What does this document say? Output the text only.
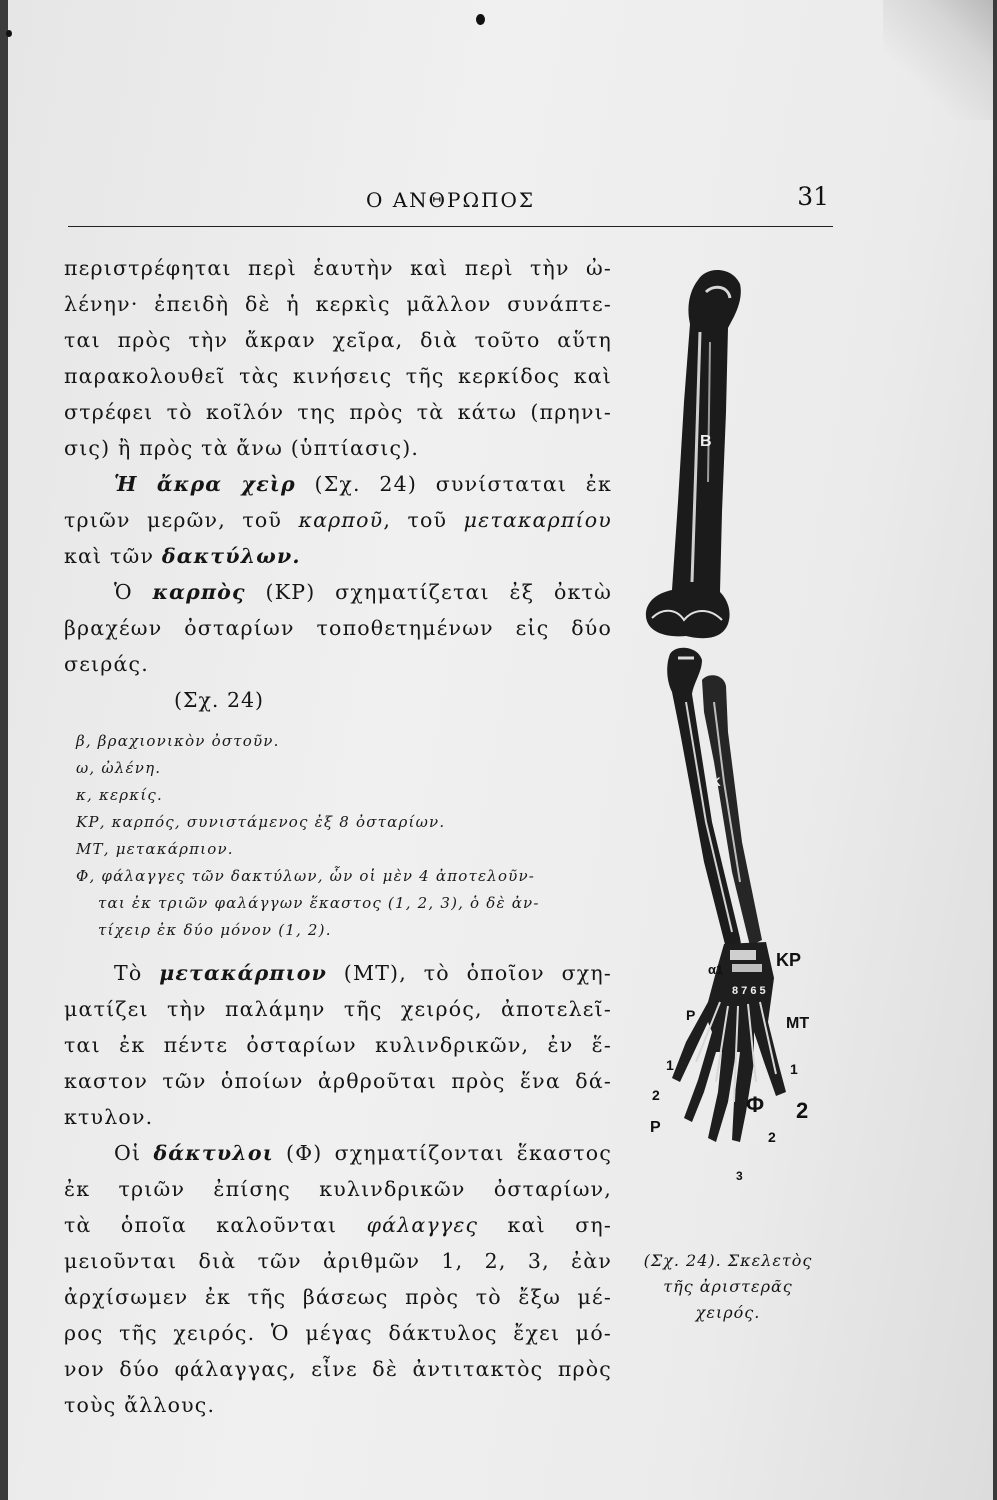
Ο ΑΝΘΡΩΠΟΣ	31
περιστρέφηται περὶ ἑαυτὴν καὶ περὶ τὴν ὠ-
λένην· ἐπειδὴ δὲ ἡ κερκὶς μᾶλλον συνάπτε-
ται πρὸς τὴν ἄκραν χεῖρα, διὰ τοῦτο αὕτη
παρακολουθεῖ τὰς κινήσεις τῆς κερκίδος καὶ
στρέφει τὸ κοῖλόν της πρὸς τὰ κάτω (πρηνι-
σις) ἢ πρὸς τὰ ἄνω (ὑπτίασις).
Ἡ ἄκρα χεὶρ (Σχ. 24) συνίσταται ἐκ
τριῶν μερῶν, τοῦ καρποῦ, τοῦ μετακαρπίου
καὶ τῶν δακτύλων.
Ὁ καρπὸς (ΚΡ) σχηματίζεται ἐξ ὀκτὼ
βραχέων ὀσταρίων τοποθετημένων εἰς δύο
σειράς.
(Σχ. 24)
β, βραχιονικὸν ὀστοῦν.
ω, ὠλένη.
κ, κερκίς.
ΚΡ, καρπός, συνιστάμενος ἐξ 8 ὀσταρίων.
ΜΤ, μετακάρπιον.
Φ, φάλαγγες τῶν δακτύλων, ὧν οἱ μὲν 4 ἀποτελοῦν-
ται ἐκ τριῶν φαλάγγων ἕκαστος (1, 2, 3), ὁ δὲ ἀν-
τίχειρ ἐκ δύο μόνον (1, 2).
Τὸ μετακάρπιον (ΜΤ), τὸ ὁποῖον σχη-
ματίζει τὴν παλάμην τῆς χειρός, ἀποτελεῖ-
ται ἐκ πέντε ὀσταρίων κυλινδρικῶν, ἐν ἕ-
καστον τῶν ὁποίων ἀρθροῦται πρὸς ἕνα δά-
κτυλον.
Οἱ δάκτυλοι (Φ) σχηματίζονται ἕκαστος
ἐκ τριῶν ἐπίσης κυλινδρικῶν ὀσταρίων,
τὰ ὁποῖα καλοῦνται φάλαγγες καὶ ση-
μειοῦνται διὰ τῶν ἀριθμῶν 1, 2, 3, ἐὰν
ἀρχίσωμεν ἐκ τῆς βάσεως πρὸς τὸ ἔξω μέ-
ρος τῆς χειρός. Ὁ μέγας δάκτυλος ἔχει μό-
νον δύο φάλαγγας, εἶνε δὲ ἀντιτακτὸς πρὸς
τοὺς ἄλλους.
B
K
ΚΡ
ΜΤ
Φ
Ρ
Ρ
α1
8 7 6 5
1	1
2
2
2
3
(Σχ. 24). Σκελετὸς
τῆς ἀριστερᾶς
χειρός.
